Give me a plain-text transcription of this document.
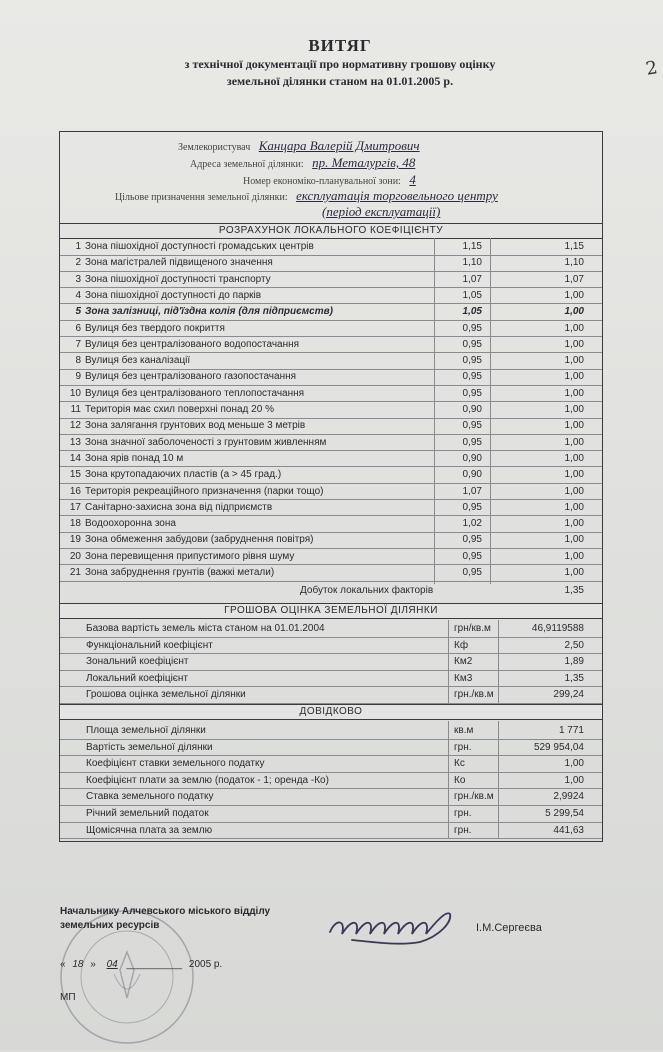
2
ВИТЯГ
з технічної документації про нормативну грошову оцінку
земельної ділянки станом на 01.01.2005 р.
Землекористувач Канцара Валерій Дмитрович
Адреса земельної ділянки: пр. Металургів, 48
Номер економіко-планувальної зони: 4
Цільове призначення земельної ділянки: експлуатація торговельного центру
(період експлуатації)
РОЗРАХУНОК ЛОКАЛЬНОГО КОЕФІЦІЄНТУ
1 Зона пішохідної доступності громадських центрів	1,15	1,15
2 Зона магістралей підвищеного значення	1,10	1,10
3 Зона пішохідної доступності транспорту	1,07	1,07
4 Зона пішохідної доступності до парків	1,05	1,00
5 Зона залізниці, під'їздна колія (для підприємств)	1,05	1,00
6 Вулиця без твердого покриття	0,95	1,00
7 Вулиця без централізованого водопостачання	0,95	1,00
8 Вулиця без каналізації	0,95	1,00
9 Вулиця без централізованого газопостачання	0,95	1,00
10 Вулиця без централізованого теплопостачання	0,95	1,00
11 Територія має схил поверхні понад 20 %	0,90	1,00
12 Зона залягання грунтових вод меньше 3 метрів	0,95	1,00
13 Зона значної заболоченості з грунтовим живленням	0,95	1,00
14 Зона ярів понад 10 м	0,90	1,00
15 Зона крутопадаючих пластів (а > 45 град.)	0,90	1,00
16 Територія рекреаційного призначення (парки тощо)	1,07	1,00
17 Санітарно-захисна зона від підприємств	0,95	1,00
18 Водоохоронна зона	1,02	1,00
19 Зона обмеження забудови (забруднення повітря)	0,95	1,00
20 Зона перевищення припустимого рівня шуму	0,95	1,00
21 Зона забруднення грунтів (важкі метали)	0,95	1,00
Добуток локальних факторів	1,35
ГРОШОВА ОЦІНКА ЗЕМЕЛЬНОЇ ДІЛЯНКИ
Базова вартість земель міста станом на 01.01.2004	грн/кв.м	46,9119588
Функціональний коефіцієнт	Кф	2,50
Зональний коефіцієнт	Км2	1,89
Локальний коефіцієнт	Км3	1,35
Грошова оцінка земельної ділянки	грн./кв.м	299,24
ДОВІДКОВО
Площа земельної ділянки	кв.м	1 771
Вартість земельної ділянки	грн.	529 954,04
Коефіцієнт ставки земельного податку	Кс	1,00
Коефіцієнт плати за землю (податок - 1; оренда -Ко)	Ко	1,00
Ставка земельного податку	грн./кв.м	2,9924
Річний земельний податок	грн.	5 299,54
Щомісячна плата за землю	грн.	441,63
Начальнику Алчевського міського відділу
земельних ресурсів	І.М.Сергеєва
« 18 » 04 __________ 2005 р.
МП
